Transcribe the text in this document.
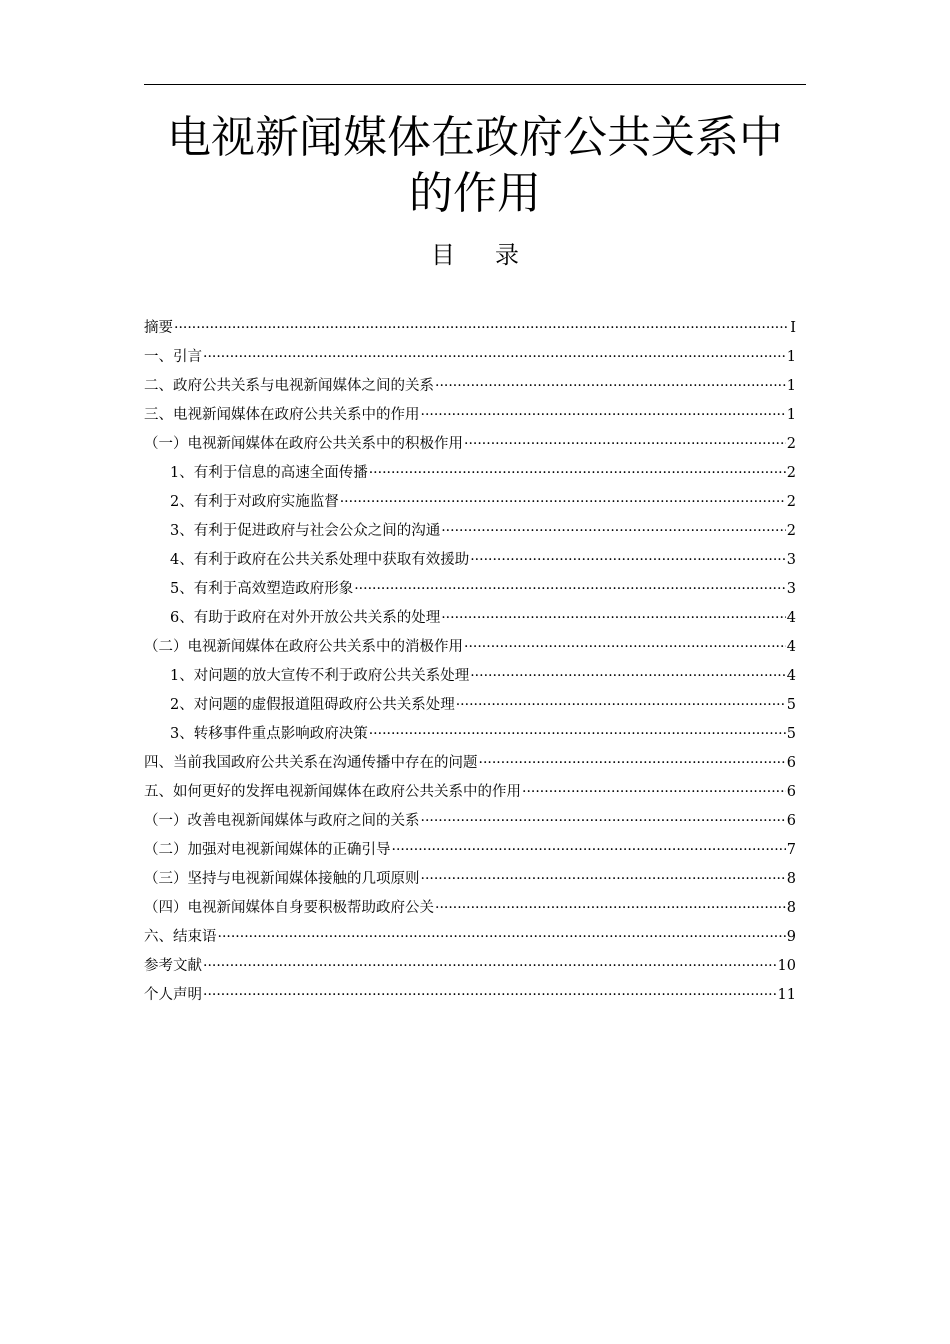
电视新闻媒体在政府公共关系中
的作用
目 录
摘要 ·····	I
一、引言 ·····	1
二、政府公共关系与电视新闻媒体之间的关系 ·····	1
三、电视新闻媒体在政府公共关系中的作用 ·····	1
（一）电视新闻媒体在政府公共关系中的积极作用 ·····	2
1、有利于信息的高速全面传播 ·····	2
2、有利于对政府实施监督 ·····	2
3、有利于促进政府与社会公众之间的沟通 ·····	2
4、有利于政府在公共关系处理中获取有效援助 ·····	3
5、有利于高效塑造政府形象 ·····	3
6、有助于政府在对外开放公共关系的处理 ·····	4
（二）电视新闻媒体在政府公共关系中的消极作用 ·····	4
1、对问题的放大宣传不利于政府公共关系处理 ·····	4
2、对问题的虚假报道阻碍政府公共关系处理 ·····	5
3、转移事件重点影响政府决策 ·····	5
四、当前我国政府公共关系在沟通传播中存在的问题 ·····	6
五、如何更好的发挥电视新闻媒体在政府公共关系中的作用 ·····	6
（一）改善电视新闻媒体与政府之间的关系 ·····	6
（二）加强对电视新闻媒体的正确引导 ·····	7
（三）坚持与电视新闻媒体接触的几项原则 ·····	8
（四）电视新闻媒体自身要积极帮助政府公关 ·····	8
六、结束语 ·····	9
参考文献 ·····	10
个人声明 ·····	11
